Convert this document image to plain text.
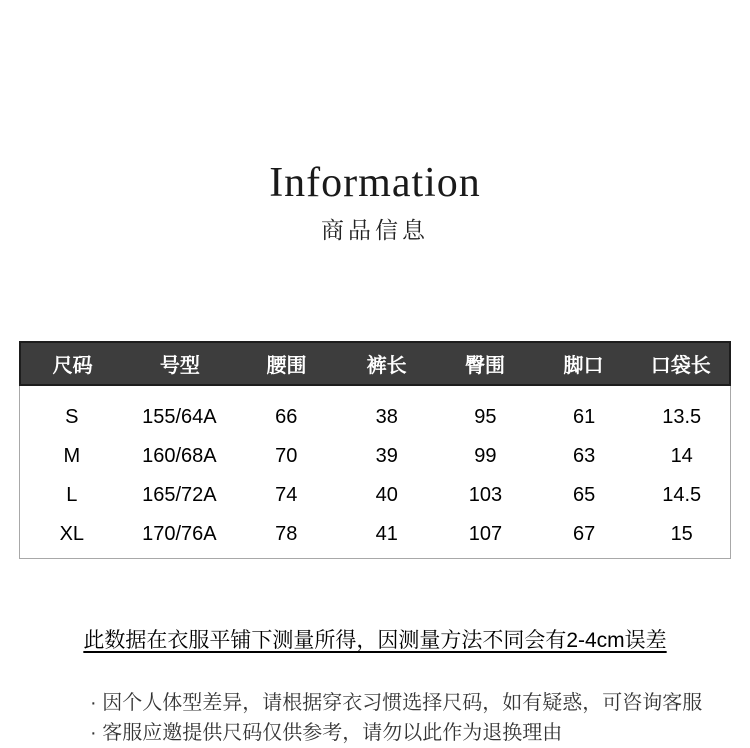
Information
商品信息
尺码	号型	腰围	裤长	臀围	脚口	口袋长
S	155/64A	66	38	95	61	13.5
M	160/68A	70	39	99	63	14
L	165/72A	74	40	103	65	14.5
XL	170/76A	78	41	107	67	15
此数据在衣服平铺下测量所得，因测量方法不同会有2-4cm误差
· 因个人体型差异，请根据穿衣习惯选择尺码，如有疑惑，可咨询客服
· 客服应邀提供尺码仅供参考，请勿以此作为退换理由
